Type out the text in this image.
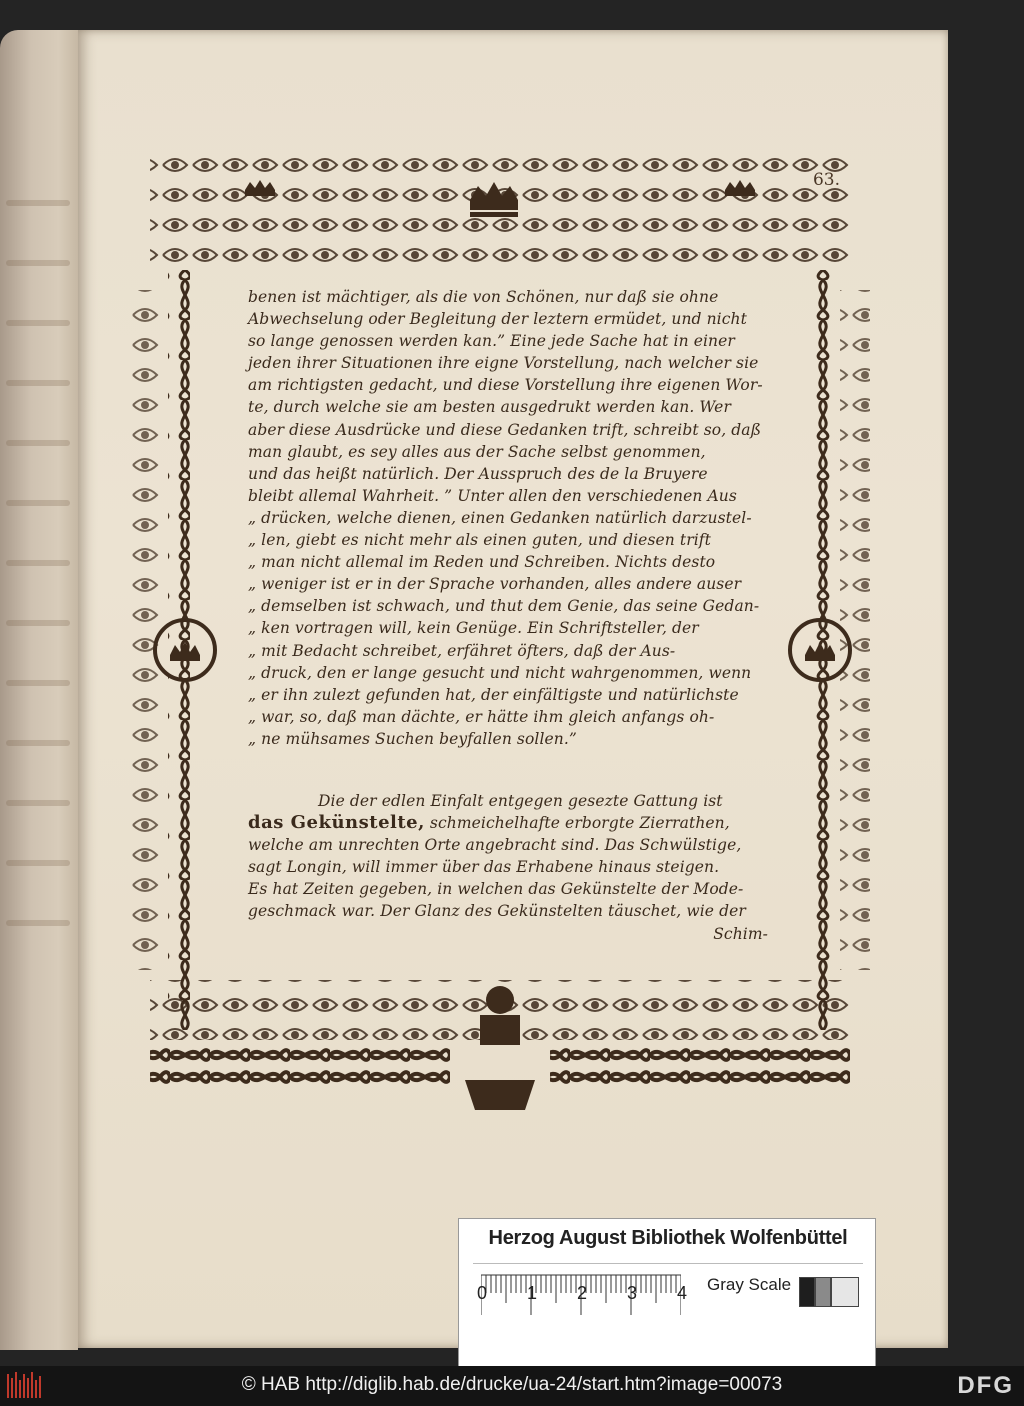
benen ist mächtiger, als die von Schönen, nur daß sie ohne
Abwechselung oder Begleitung der leztern ermüdet, und nicht
so lange genossen werden kan.” Eine jede Sache hat in einer
jeden ihrer Situationen ihre eigne Vorstellung, nach welcher sie
am richtigsten gedacht, und diese Vorstellung ihre eigenen Wor-
te, durch welche sie am besten ausgedrukt werden kan. Wer
aber diese Ausdrücke und diese Gedanken trift, schreibt so, daß
man glaubt, es sey alles aus der Sache selbst genommen,
und das heißt natürlich. Der Ausspruch des de la Bruyere
bleibt allemal Wahrheit. ” Unter allen den verschiedenen Aus
„ drücken, welche dienen, einen Gedanken natürlich darzustel-
„ len, giebt es nicht mehr als einen guten, und diesen trift
„ man nicht allemal im Reden und Schreiben. Nichts desto
„ weniger ist er in der Sprache vorhanden, alles andere auser
„ demselben ist schwach, und thut dem Genie, das seine Gedan-
„ ken vortragen will, kein Genüge. Ein Schriftsteller, der
„ mit Bedacht schreibet, erfähret öfters, daß der Aus-
„ druck, den er lange gesucht und nicht wahrgenommen, wenn
„ er ihn zulezt gefunden hat, der einfältigste und natürlichste
„ war, so, daß man dächte, er hätte ihm gleich anfangs oh-
„ ne mühsames Suchen beyfallen sollen.”
Die der edlen Einfalt entgegen gesezte Gattung ist
das Gekünstelte, schmeichelhafte erborgte Zierrathen,
welche am unrechten Orte angebracht sind. Das Schwülstige,
sagt Longin, will immer über das Erhabene hinaus steigen.
Es hat Zeiten gegeben, in welchen das Gekünstelte der Mode-
geschmack war. Der Glanz des Gekünstelten täuschet, wie der
Schim-
Herzog August Bibliothek Wolfenbüttel
0 1 2 3 4 Gray Scale
© HAB http://diglib.hab.de/drucke/ua-24/start.htm?image=00073	DFG
